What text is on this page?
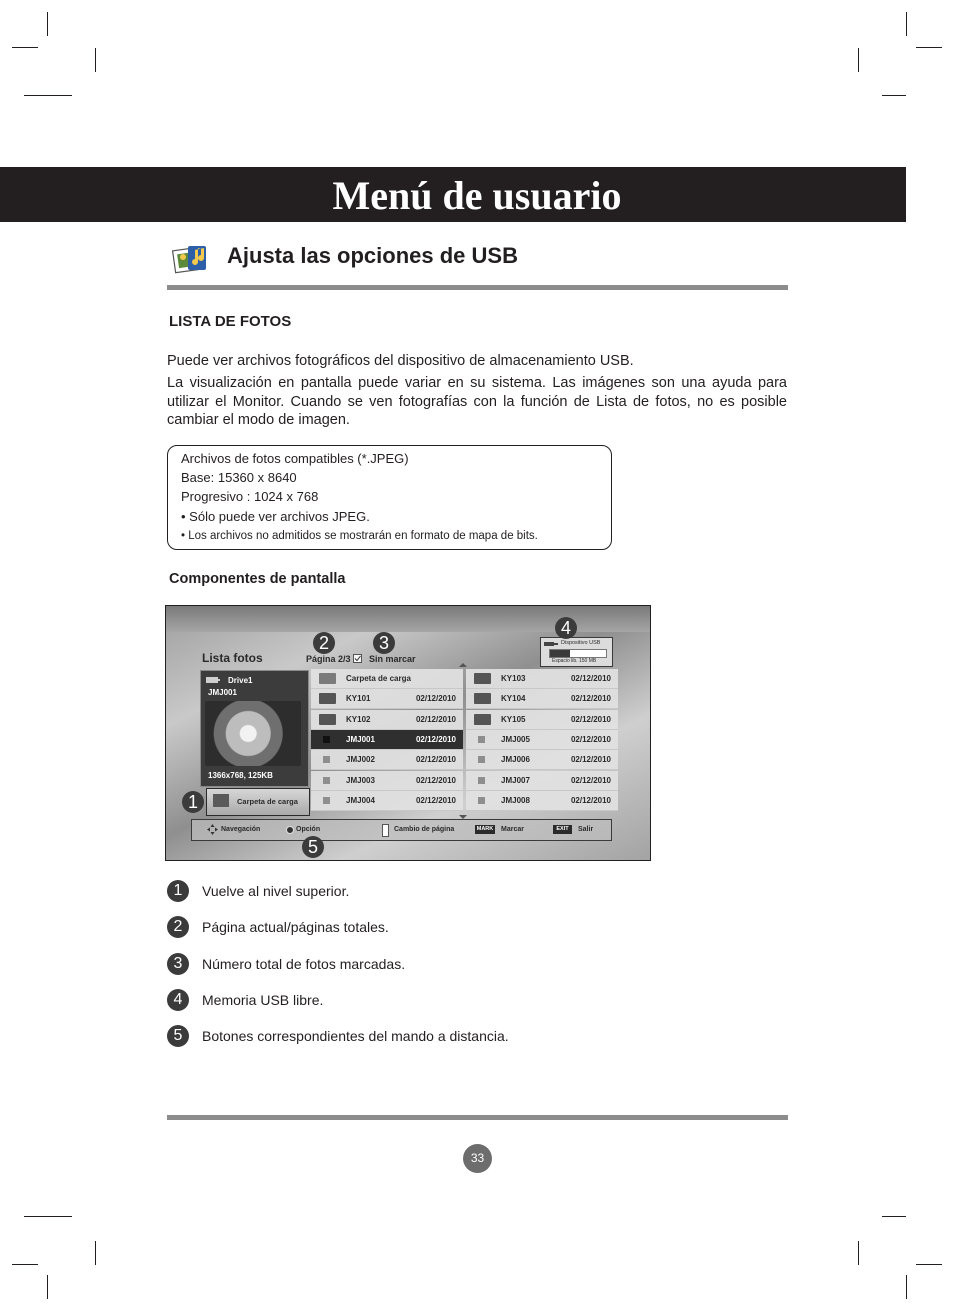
Menú de usuario
Ajusta las opciones de USB
LISTA DE FOTOS
Puede ver archivos fotográficos del dispositivo de almacenamiento USB.
La visualización en pantalla puede variar en su sistema. Las imágenes son una ayuda para utilizar el Monitor. Cuando se ven fotografías con la función de Lista de fotos, no es posible cambiar el modo de imagen.
Archivos de fotos compatibles (*.JPEG)
Base: 15360 x 8640
Progresivo : 1024 x 768
• Sólo puede ver archivos JPEG.
• Los archivos no admitidos se mostrarán en formato de mapa de bits.
Componentes de pantalla
Lista fotos	Página 2/3 Sin marcar
Dispositivo USB
Espacio lib. 150 MB
Drive1
JMJ001
1366x768, 125KB
Carpeta de carga
Carpeta de carga	KY103	02/12/2010
KY101	02/12/2010	KY104	02/12/2010
KY102	02/12/2010	KY105	02/12/2010
JMJ001	02/12/2010	JMJ005	02/12/2010
JMJ002	02/12/2010	JMJ006	02/12/2010
JMJ003	02/12/2010	JMJ007	02/12/2010
JMJ004	02/12/2010	JMJ008	02/12/2010
Navegación	Opción	Cambio de página	MARK Marcar	EXIT	Salir
1
2	3
4
5
1	Vuelve al nivel superior.
2	Página actual/páginas totales.
3	Número total de fotos marcadas.
4	Memoria USB libre.
5	Botones correspondientes del mando a distancia.
33
